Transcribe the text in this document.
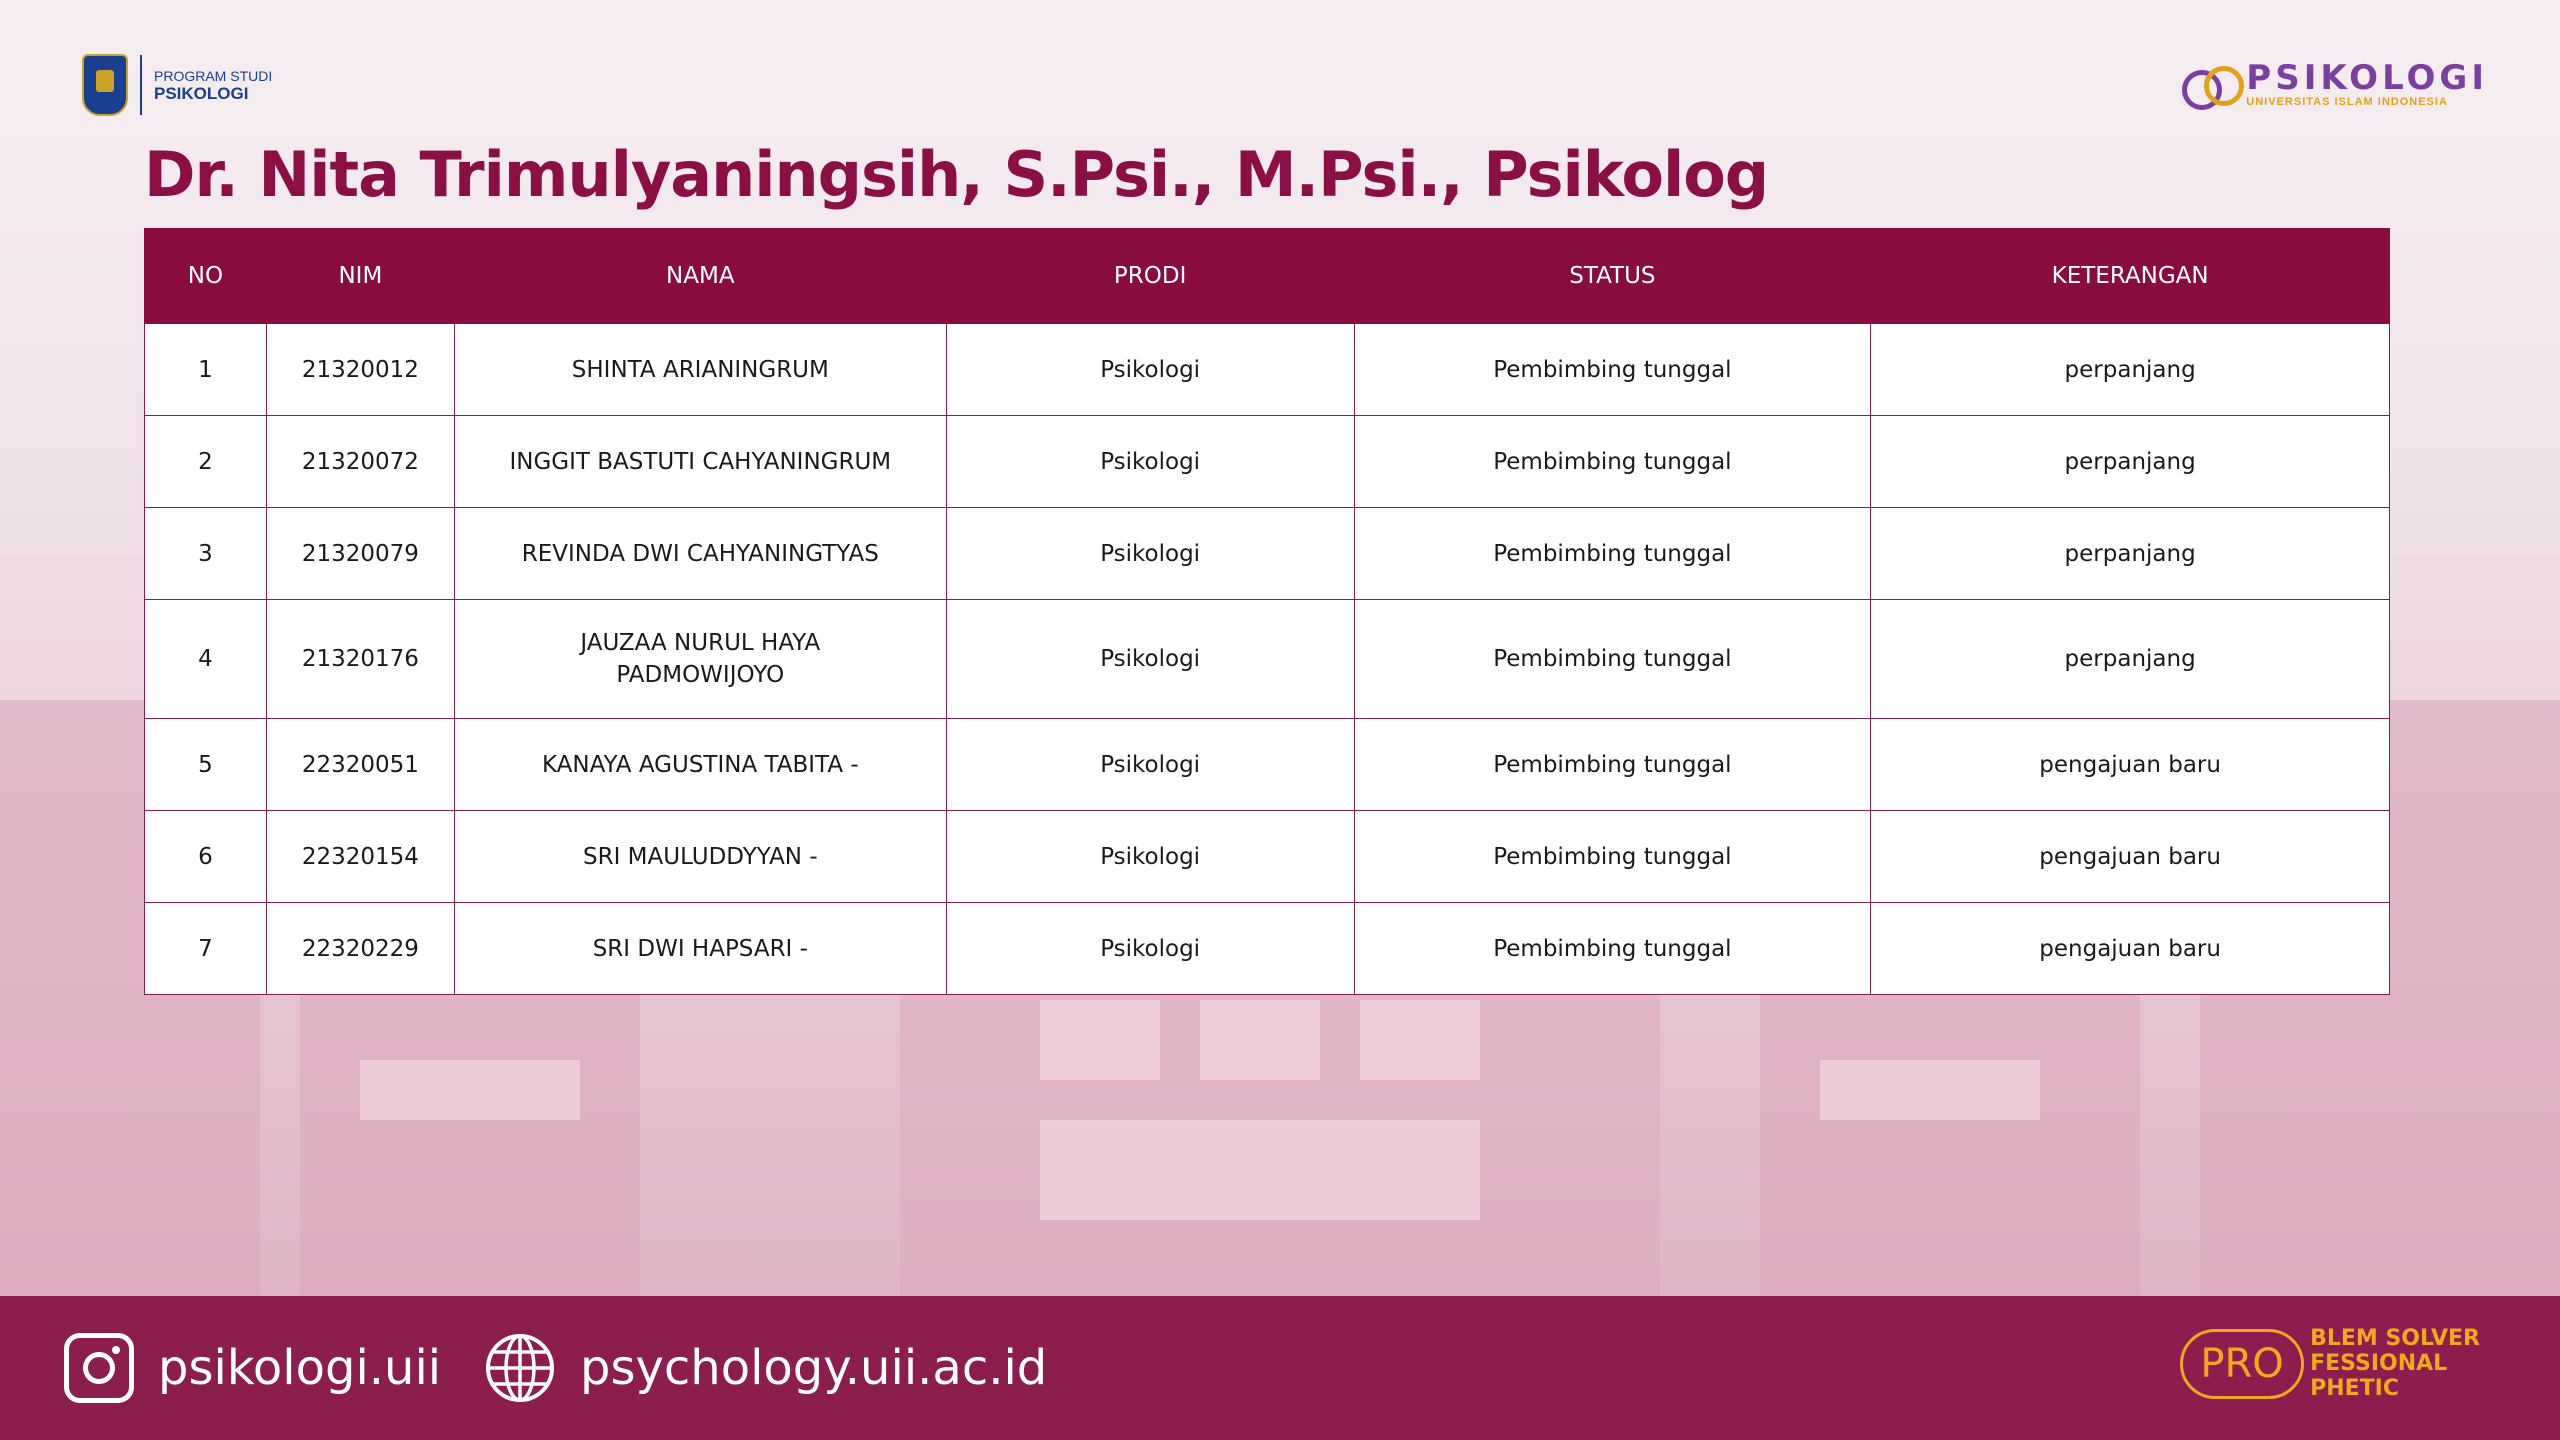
PROGRAM STUDI
PSIKOLOGI	PSIKOLOGI
UNIVERSITAS ISLAM INDONESIA
Dr. Nita Trimulyaningsih, S.Psi., M.Psi., Psikolog
NO	NIM	NAMA	PRODI	STATUS	KETERANGAN
1	21320012	SHINTA ARIANINGRUM	Psikologi	Pembimbing tunggal	perpanjang
2	21320072	INGGIT BASTUTI CAHYANINGRUM	Psikologi	Pembimbing tunggal	perpanjang
3	21320079	REVINDA DWI CAHYANINGTYAS	Psikologi	Pembimbing tunggal	perpanjang
4	21320176	JAUZAA NURUL HAYA PADMOWIJOYO	Psikologi	Pembimbing tunggal	perpanjang
5	22320051	KANAYA AGUSTINA TABITA -	Psikologi	Pembimbing tunggal	pengajuan baru
6	22320154	SRI MAULUDDYYAN -	Psikologi	Pembimbing tunggal	pengajuan baru
7	22320229	SRI DWI HAPSARI -	Psikologi	Pembimbing tunggal	pengajuan baru
psikologi.uii	psychology.uii.ac.id	PRO
BLEM SOLVER
FESSIONAL
PHETIC
